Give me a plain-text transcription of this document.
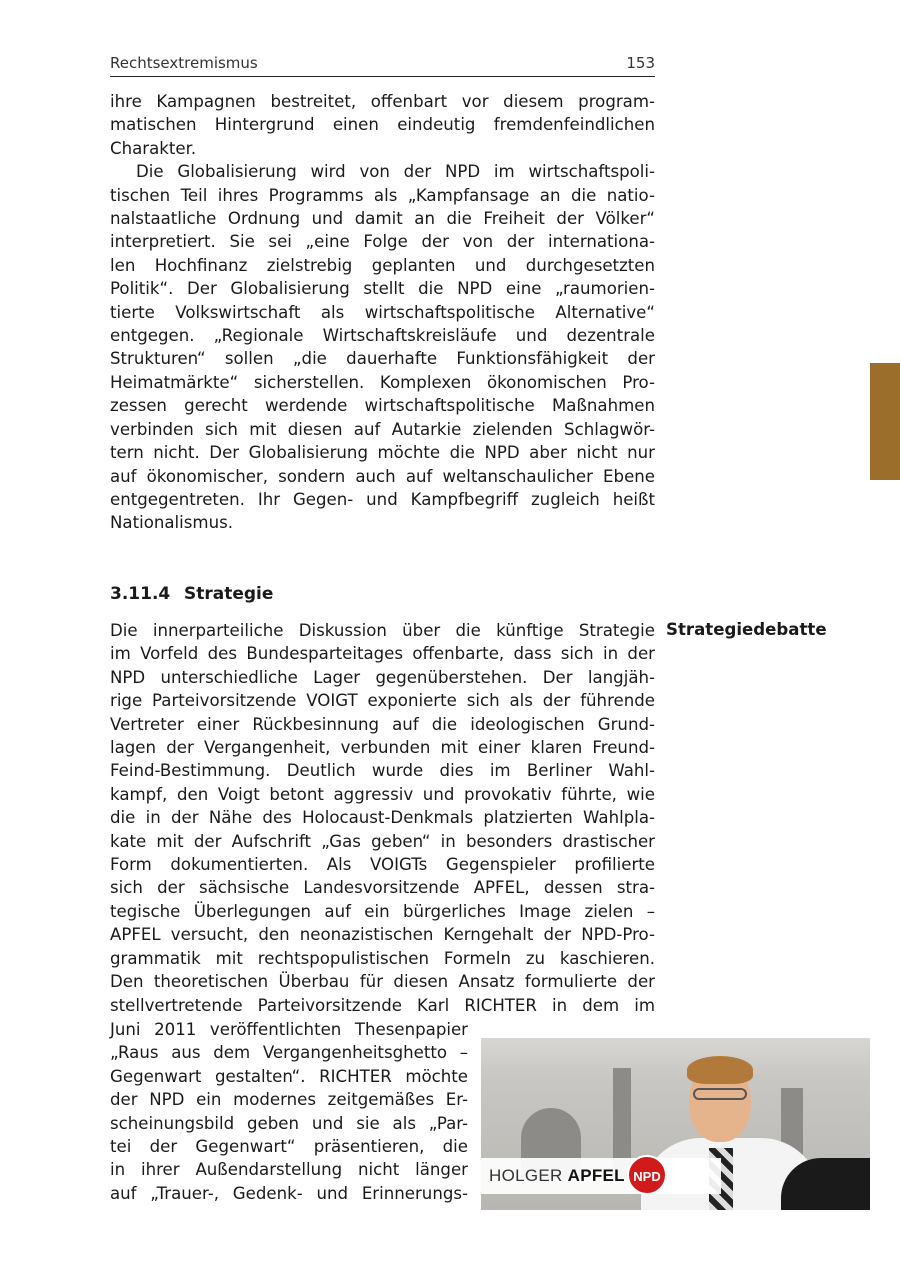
Rechtsextremismus	153
ihre Kampagnen bestreitet, offenbart vor diesem program-
matischen Hintergrund einen eindeutig fremdenfeindlichen
Charakter.
Die Globalisierung wird von der NPD im wirtschaftspoli-
tischen Teil ihres Programms als „Kampfansage an die natio-
nalstaatliche Ordnung und damit an die Freiheit der Völker“
interpretiert. Sie sei „eine Folge der von der internationa-
len Hochfinanz zielstrebig geplanten und durchgesetzten
Politik“. Der Globalisierung stellt die NPD eine „raumorien-
tierte Volkswirtschaft als wirtschaftspolitische Alternative“
entgegen. „Regionale Wirtschaftskreisläufe und dezentrale
Strukturen“ sollen „die dauerhafte Funktionsfähigkeit der
Heimatmärkte“ sicherstellen. Komplexen ökonomischen Pro-
zessen gerecht werdende wirtschaftspolitische Maßnahmen
verbinden sich mit diesen auf Autarkie zielenden Schlagwör-
tern nicht. Der Globalisierung möchte die NPD aber nicht nur
auf ökonomischer, sondern auch auf weltanschaulicher Ebene
entgegentreten. Ihr Gegen- und Kampfbegriff zugleich heißt
Nationalismus.
3.11.4 Strategie
Strategiedebatte
Die innerparteiliche Diskussion über die künftige Strategie
im Vorfeld des Bundesparteitages offenbarte, dass sich in der
NPD unterschiedliche Lager gegenüberstehen. Der langjäh-
rige Parteivorsitzende VOIGT exponierte sich als der führende
Vertreter einer Rückbesinnung auf die ideologischen Grund-
lagen der Vergangenheit, verbunden mit einer klaren Freund-
Feind-Bestimmung. Deutlich wurde dies im Berliner Wahl-
kampf, den Voigt betont aggressiv und provokativ führte, wie
die in der Nähe des Holocaust-Denkmals platzierten Wahlpla-
kate mit der Aufschrift „Gas geben“ in besonders drastischer
Form dokumentierten. Als VOIGTs Gegenspieler profilierte
sich der sächsische Landesvorsitzende APFEL, dessen stra-
tegische Überlegungen auf ein bürgerliches Image zielen –
APFEL versucht, den neonazistischen Kerngehalt der NPD-Pro-
grammatik mit rechtspopulistischen Formeln zu kaschieren.
Den theoretischen Überbau für diesen Ansatz formulierte der
stellvertretende Parteivorsitzende Karl RICHTER in dem im
Juni 2011 veröffentlichten Thesenpapier
„Raus aus dem Vergangenheitsghetto –
Gegenwart gestalten“. RICHTER möchte
der NPD ein modernes zeitgemäßes Er-
scheinungsbild geben und sie als „Par-
tei der Gegenwart“ präsentieren, die
in ihrer Außendarstellung nicht länger
auf „Trauer-, Gedenk- und Erinnerungs-
HOLGER APFEL NPD
